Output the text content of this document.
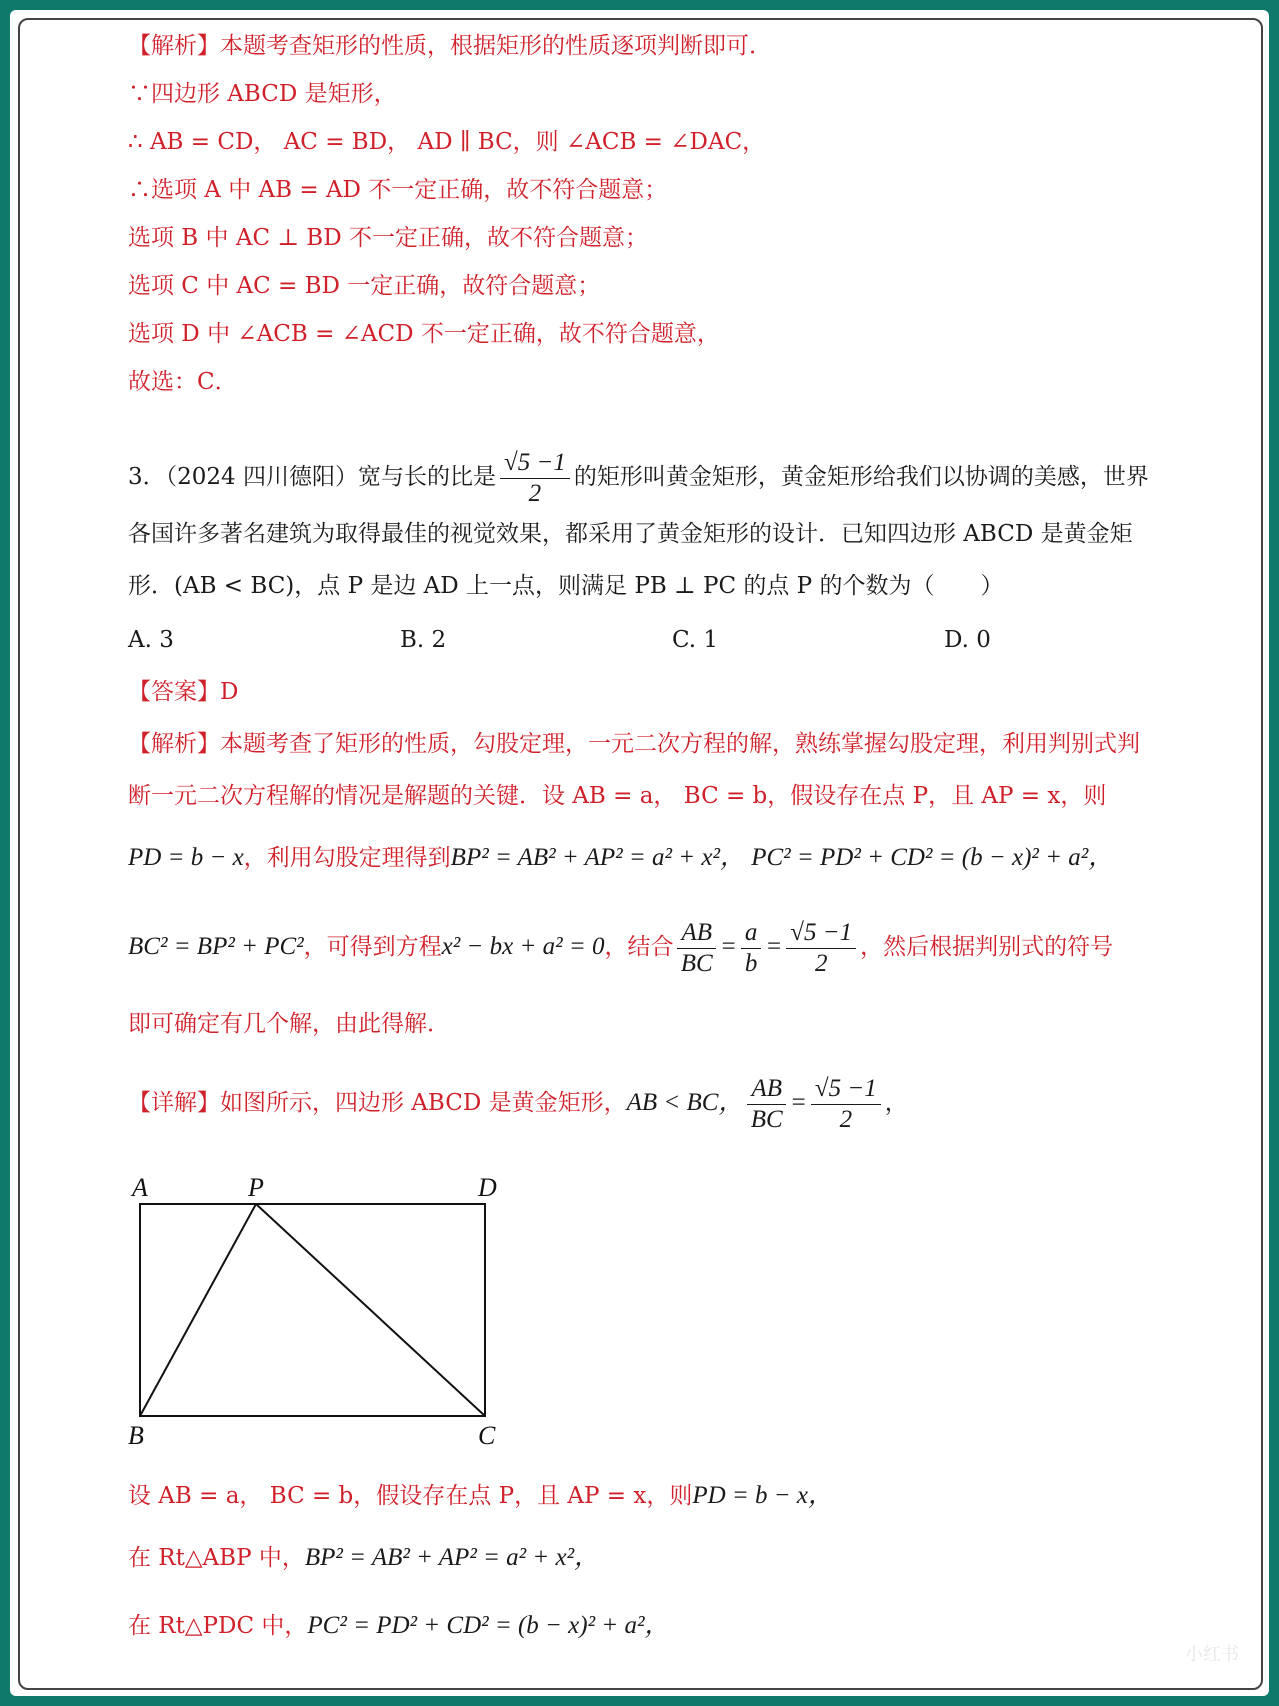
【解析】本题考查矩形的性质，根据矩形的性质逐项判断即可．
∵四边形 ABCD 是矩形，
∴ AB = CD， AC = BD， AD ∥ BC，则 ∠ACB = ∠DAC，
∴选项 A 中 AB = AD 不一定正确，故不符合题意；
选项 B 中 AC ⊥ BD 不一定正确，故不符合题意；
选项 C 中 AC = BD 一定正确，故符合题意；
选项 D 中 ∠ACB = ∠ACD 不一定正确，故不符合题意，
故选：C．
3．（2024 四川德阳）宽与长的比是 $\frac{√5 -1}{2}$ 的矩形叫黄金矩形，黄金矩形给我们以协调的美感，世界
各国许多著名建筑为取得最佳的视觉效果，都采用了黄金矩形的设计．已知四边形 ABCD 是黄金矩
形．(AB < BC)，点 P 是边 AD 上一点，则满足 PB ⊥ PC 的点 P 的个数为（　　）
A. 3	B. 2	C. 1	D. 0
【答案】D
【解析】本题考查了矩形的性质，勾股定理，一元二次方程的解，熟练掌握勾股定理，利用判别式判
断一元二次方程解的情况是解题的关键．设 AB = a， BC = b，假设存在点 P，且 AP = x，则
PD = b − x，利用勾股定理得到BP² = AB² + AP² = a² + x²， PC² = PD² + CD² = (b − x)² + a²，
BC² = BP² + PC²，可得到方程x² − bx + a² = 0，结合 $\frac{AB}{BC} = \frac{a}{b} = \frac{√5 -1}{2}$ ，然后根据判别式的符号
即可确定有几个解，由此得解．
【详解】如图所示，四边形 ABCD 是黄金矩形，AB < BC， $\frac{AB}{BC} = \frac{√5 -1}{2}$ ，
A	P	D
B	C
设 AB = a， BC = b，假设存在点 P，且 AP = x，则PD = b − x，
在 Rt△ABP 中，BP² = AB² + AP² = a² + x²，
在 Rt△PDC 中，PC² = PD² + CD² = (b − x)² + a²，
小红书
